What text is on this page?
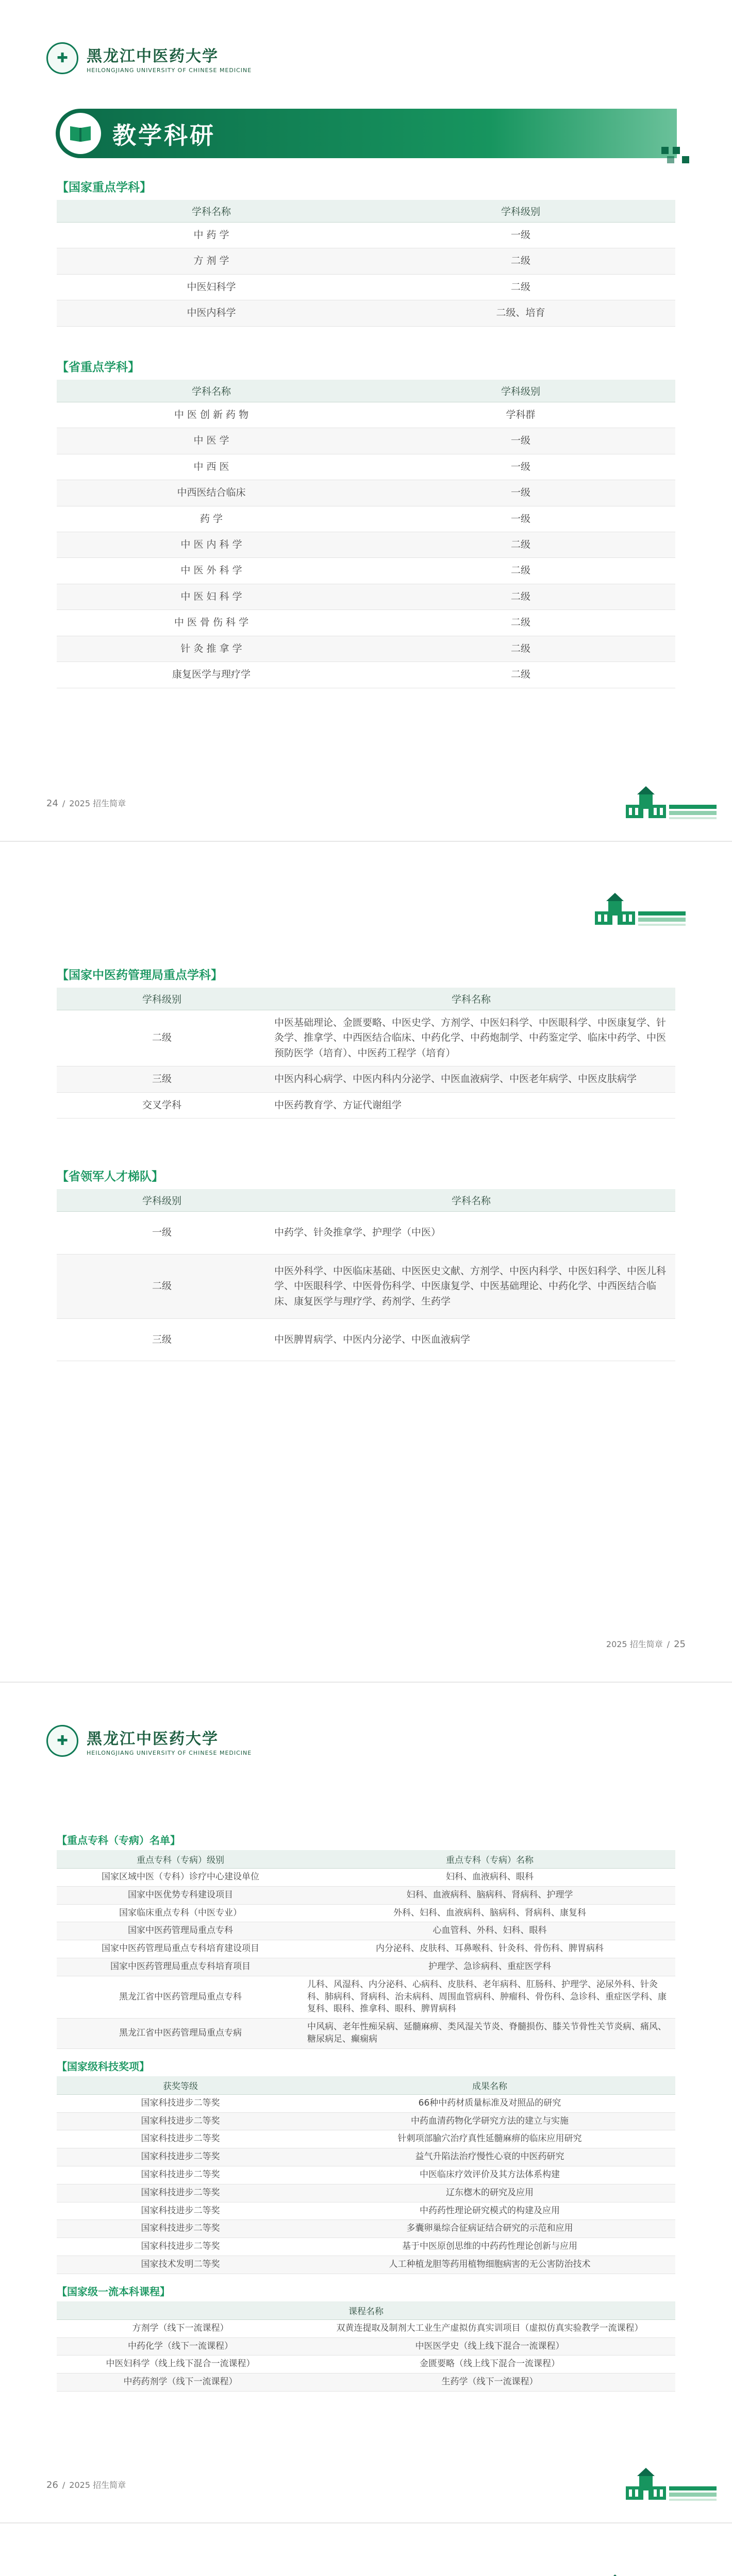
✚	黑龙江中医药大学
HEILONGJIANG UNIVERSITY OF CHINESE MEDICINE
教学科研
【国家重点学科】
学科名称	学科级别
中 药 学	一级
方 剂 学	二级
中医妇科学	二级
中医内科学	二级、培育
【省重点学科】
学科名称	学科级别
中 医 创 新 药 物	学科群
中 医 学	一级
中 西 医	一级
中西医结合临床	一级
药 学	一级
中 医 内 科 学	二级
中 医 外 科 学	二级
中 医 妇 科 学	二级
中 医 骨 伤 科 学	二级
针 灸 推 拿 学	二级
康复医学与理疗学	二级
24 / 2025 招生简章
【国家中医药管理局重点学科】
学科级别	学科名称
二级	中医基础理论、金匮要略、中医史学、方剂学、中医妇科学、中医眼科学、中医康复学、针灸学、推拿学、中西医结合临床、中药化学、中药炮制学、中药鉴定学、临床中药学、中医预防医学（培育）、中医药工程学（培育）
三级	中医内科心病学、中医内科内分泌学、中医血液病学、中医老年病学、中医皮肤病学
交叉学科	中医药教育学、方证代谢组学
【省领军人才梯队】
学科级别	学科名称
一级	中药学、针灸推拿学、护理学（中医）
二级	中医外科学、中医临床基础、中医医史文献、方剂学、中医内科学、中医妇科学、中医儿科学、中医眼科学、中医骨伤科学、中医康复学、中医基础理论、中药化学、中西医结合临床、康复医学与理疗学、药剂学、生药学
三级	中医脾胃病学、中医内分泌学、中医血液病学
2025 招生简章 / 25
✚	黑龙江中医药大学
HEILONGJIANG UNIVERSITY OF CHINESE MEDICINE
【重点专科（专病）名单】
重点专科（专病）级别	重点专科（专病）名称
国家区域中医（专科）诊疗中心建设单位	妇科、血液病科、眼科
国家中医优势专科建设项目	妇科、血液病科、脑病科、肾病科、护理学
国家临床重点专科（中医专业）	外科、妇科、血液病科、脑病科、肾病科、康复科
国家中医药管理局重点专科	心血管科、外科、妇科、眼科
国家中医药管理局重点专科培育建设项目	内分泌科、皮肤科、耳鼻喉科、针灸科、骨伤科、脾胃病科
国家中医药管理局重点专科培育项目	护理学、急诊病科、重症医学科
黑龙江省中医药管理局重点专科	儿科、风湿科、内分泌科、心病科、皮肤科、老年病科、肛肠科、护理学、泌尿外科、针灸科、肺病科、肾病科、治未病科、周围血管病科、肿瘤科、骨伤科、急诊科、重症医学科、康复科、眼科、推拿科、眼科、脾胃病科
黑龙江省中医药管理局重点专病	中风病、老年性痴呆病、延髓麻痹、类风湿关节炎、脊髓损伤、膝关节骨性关节炎病、痛风、糖尿病足、癫痫病
【国家级科技奖项】
获奖等级	成果名称
国家科技进步二等奖	66种中药材质量标准及对照品的研究
国家科技进步二等奖	中药血清药物化学研究方法的建立与实施
国家科技进步二等奖	针刺项部腧穴治疗真性延髓麻痹的临床应用研究
国家科技进步二等奖	益气升陷法治疗慢性心衰的中医药研究
国家科技进步二等奖	中医临床疗效评价及其方法体系构建
国家科技进步二等奖	辽东楤木的研究及应用
国家科技进步二等奖	中药药性理论研究模式的构建及应用
国家科技进步二等奖	多囊卵巢综合征病证结合研究的示范和应用
国家科技进步二等奖	基于中医原创思维的中药药性理论创新与应用
国家技术发明二等奖	人工种植龙胆等药用植物细胞病害的无公害防治技术
【国家级一流本科课程】
课程名称	
方剂学（线下一流课程）	双黄连提取及制剂大工业生产虚拟仿真实训项目（虚拟仿真实验教学一流课程）
中药化学（线下一流课程）	中医医学史（线上线下混合一流课程）
中医妇科学（线上线下混合一流课程）	金匮要略（线上线下混合一流课程）
中药药剂学（线下一流课程）	生药学（线下一流课程）
26 / 2025 招生简章
